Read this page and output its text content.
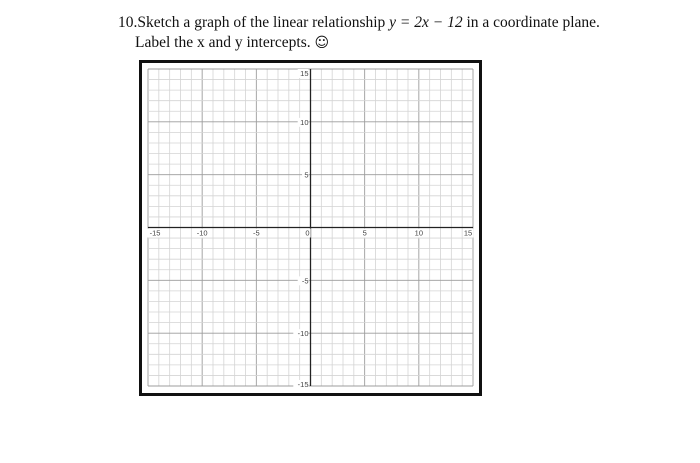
10.Sketch a graph of the linear relationship y = 2x − 12 in a coordinate plane.
Label the x and y intercepts. ☺
-15	-10	-5	0	5	10	15
15
10
5
-5
-10
-15
